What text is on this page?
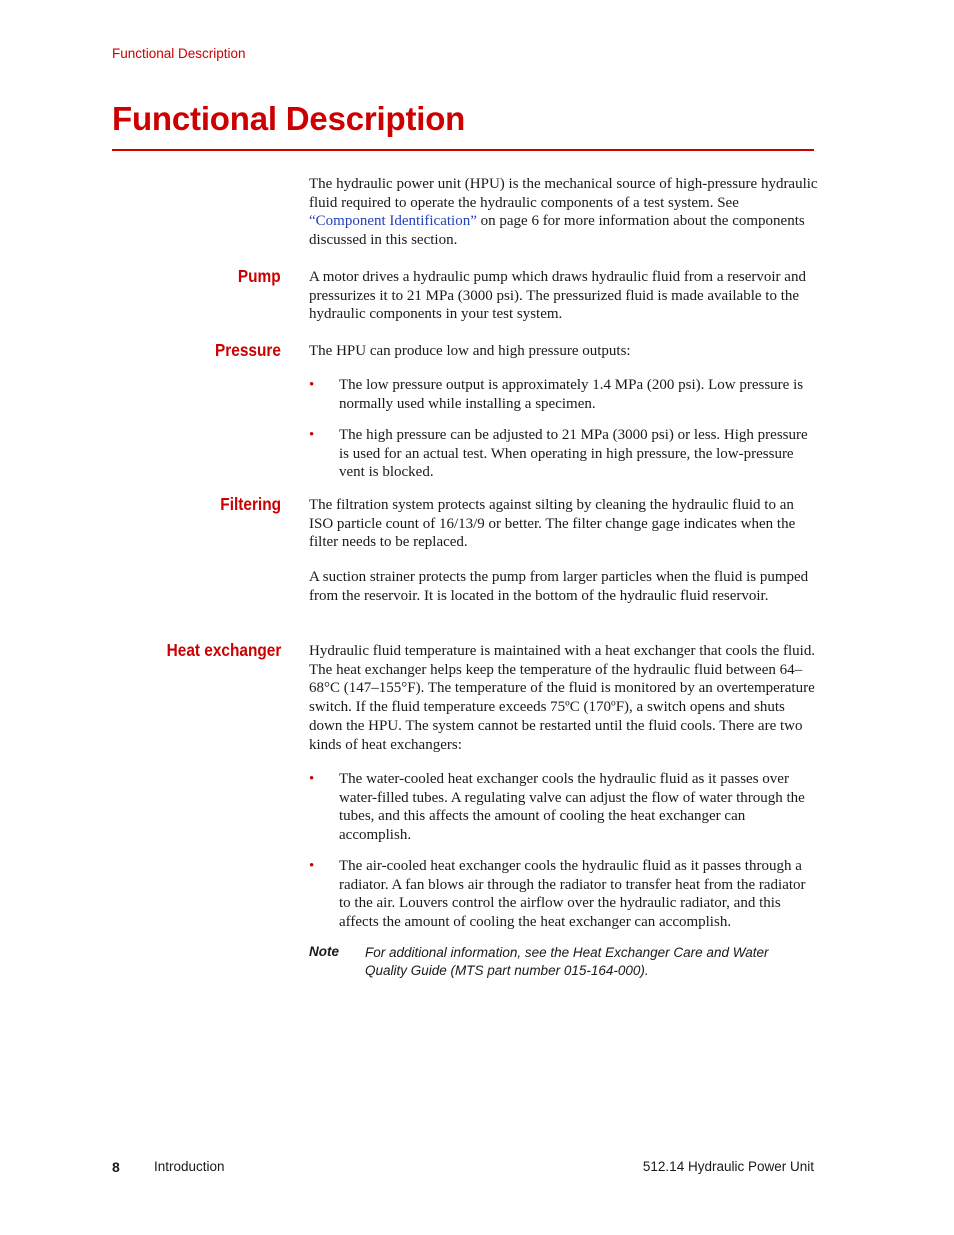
Functional Description
Functional Description

The hydraulic power unit (HPU) is the mechanical source of high-pressure hydraulic fluid required to operate the hydraulic components of a test system. See “Component Identification” on page 6 for more information about the components discussed in this section.

Pump A motor drives a hydraulic pump which draws hydraulic fluid from a reservoir and pressurizes it to 21 MPa (3000 psi). The pressurized fluid is made available to the hydraulic components in your test system.

Pressure The HPU can produce low and high pressure outputs:

• The low pressure output is approximately 1.4 MPa (200 psi). Low pressure is normally used while installing a specimen.
• The high pressure can be adjusted to 21 MPa (3000 psi) or less. High pressure is used for an actual test. When operating in high pressure, the low-pressure vent is blocked.
Filtering The filtration system protects against silting by cleaning the hydraulic fluid to an ISO particle count of 16/13/9 or better. The filter change gage indicates when the filter needs to be replaced.

A suction strainer protects the pump from larger particles when the fluid is pumped from the reservoir. It is located in the bottom of the hydraulic fluid reservoir.

Heat exchanger Hydraulic fluid temperature is maintained with a heat exchanger that cools the fluid. The heat exchanger helps keep the temperature of the hydraulic fluid between 64–68°C (147–155°F). The temperature of the fluid is monitored by an overtemperature switch. If the fluid temperature exceeds 75ºC (170ºF), a switch opens and shuts down the HPU. The system cannot be restarted until the fluid cools. There are two kinds of heat exchangers:

• The water-cooled heat exchanger cools the hydraulic fluid as it passes over water-filled tubes. A regulating valve can adjust the flow of water through the tubes, and this affects the amount of cooling the heat exchanger can accomplish.
• The air-cooled heat exchanger cools the hydraulic fluid as it passes through a radiator. A fan blows air through the radiator to transfer heat from the radiator to the air. Louvers control the airflow over the hydraulic radiator, and this affects the amount of cooling the heat exchanger can accomplish.
Note For additional information, see the Heat Exchanger Care and Water Quality Guide (MTS part number 015-164-000).

8	Introduction	512.14 Hydraulic Power Unit
